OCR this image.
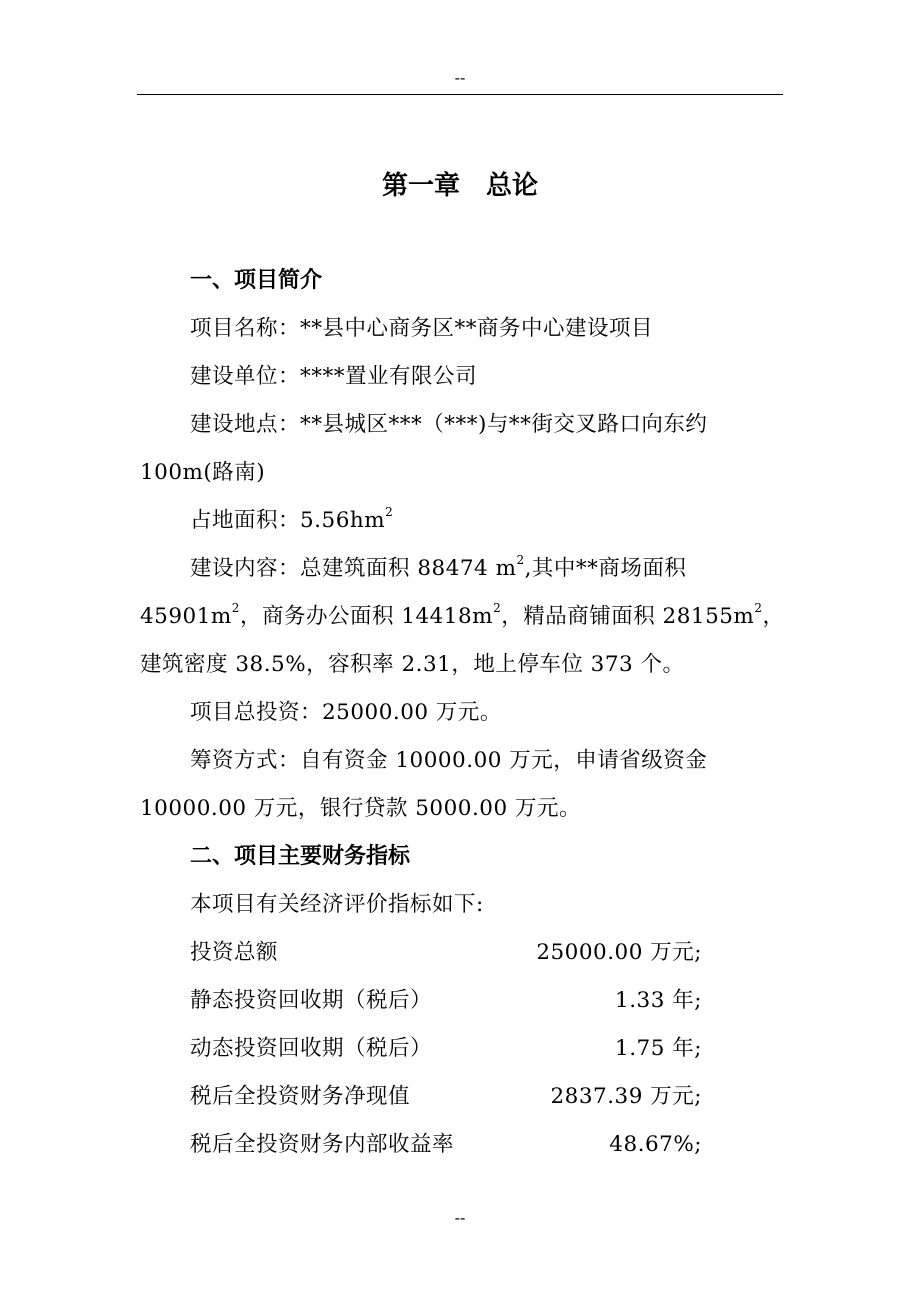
--
第一章　总论
一、项目简介
项目名称：**县中心商务区**商务中心建设项目
建设单位：****置业有限公司
建设地点：**县城区***（***)与**街交叉路口向东约
100m(路南)
占地面积：$5.56hm^2$
建设内容：总建筑面积 88474 $m^2$,其中**商场面积
$45901m^2$，商务办公面积 $14418m^2$，精品商铺面积 $28155m^2$，
建筑密度 38.5%，容积率 2.31，地上停车位 373 个。
项目总投资：25000.00 万元。
筹资方式：自有资金 10000.00 万元，申请省级资金
10000.00 万元，银行贷款 5000.00 万元。
二、项目主要财务指标
本项目有关经济评价指标如下:
投资总额	25000.00 万元;
静态投资回收期（税后）	1.33 年;
动态投资回收期（税后）	1.75 年;
税后全投资财务净现值	2837.39 万元;
税后全投资财务内部收益率	48.67%;
--
